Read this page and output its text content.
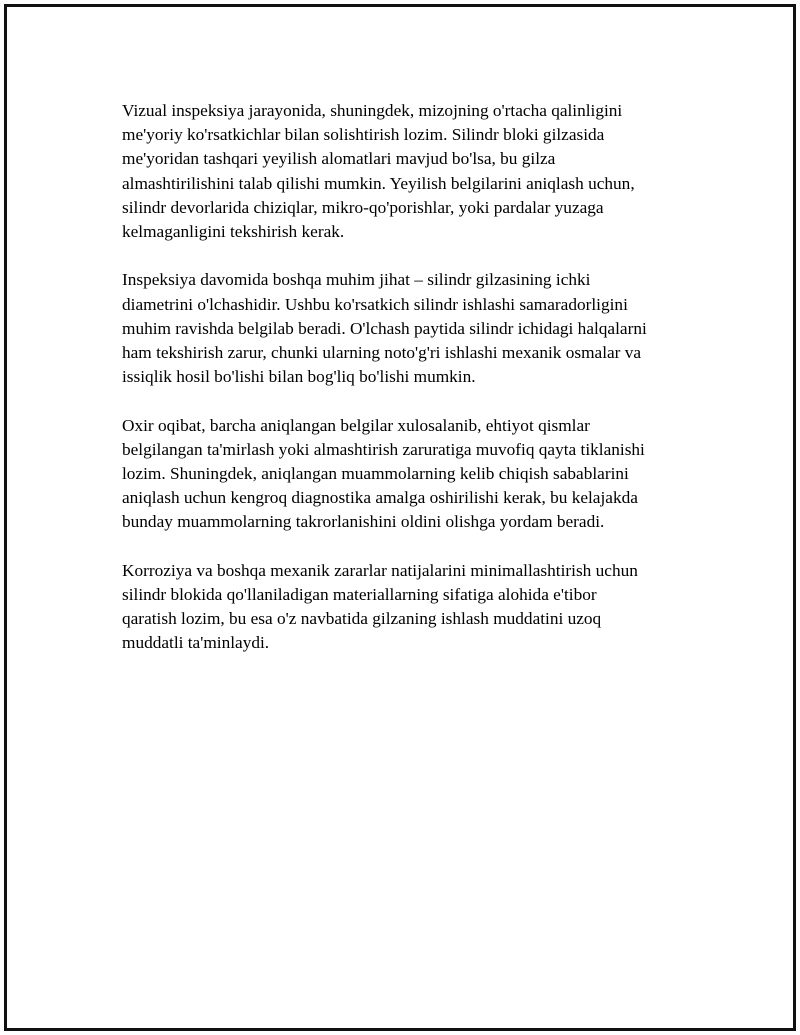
Vizual inspeksiya jarayonida, shuningdek, mizojning o'rtacha qalinligini
me'yoriy ko'rsatkichlar bilan solishtirish lozim. Silindr bloki gilzasida
me'yoridan tashqari yeyilish alomatlari mavjud bo'lsa, bu gilza
almashtirilishini talab qilishi mumkin. Yeyilish belgilarini aniqlash uchun,
silindr devorlarida chiziqlar, mikro-qo'porishlar, yoki pardalar yuzaga
kelmaganligini tekshirish kerak.

Inspeksiya davomida boshqa muhim jihat – silindr gilzasining ichki
diametrini o'lchashidir. Ushbu ko'rsatkich silindr ishlashi samaradorligini
muhim ravishda belgilab beradi. O'lchash paytida silindr ichidagi halqalarni
ham tekshirish zarur, chunki ularning noto'g'ri ishlashi mexanik osmalar va
issiqlik hosil bo'lishi bilan bog'liq bo'lishi mumkin.

Oxir oqibat, barcha aniqlangan belgilar xulosalanib, ehtiyot qismlar
belgilangan ta'mirlash yoki almashtirish zaruratiga muvofiq qayta tiklanishi
lozim. Shuningdek, aniqlangan muammolarning kelib chiqish sabablarini
aniqlash uchun kengroq diagnostika amalga oshirilishi kerak, bu kelajakda
bunday muammolarning takrorlanishini oldini olishga yordam beradi.

Korroziya va boshqa mexanik zararlar natijalarini minimallashtirish uchun
silindr blokida qo'llaniladigan materiallarning sifatiga alohida e'tibor
qaratish lozim, bu esa o'z navbatida gilzaning ishlash muddatini uzoq
muddatli ta'minlaydi.
